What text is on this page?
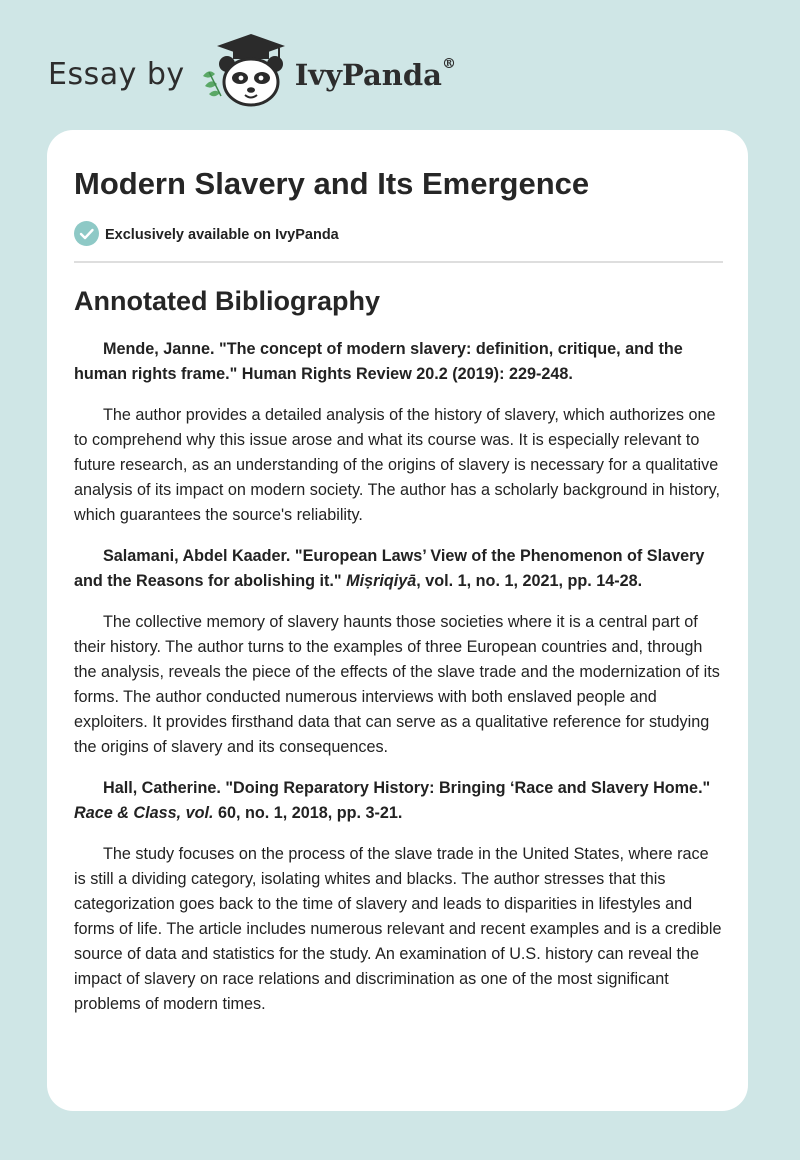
Essay by	IvyPanda®
Modern Slavery and Its Emergence
Exclusively available on IvyPanda
Annotated Bibliography

Mende, Janne. "The concept of modern slavery: definition, critique, and the human rights frame." Human Rights Review 20.2 (2019): 229-248.

The author provides a detailed analysis of the history of slavery, which authorizes one to comprehend why this issue arose and what its course was. It is especially relevant to future research, as an understanding of the origins of slavery is necessary for a qualitative analysis of its impact on modern society. The author has a scholarly background in history, which guarantees the source's reliability.

Salamani, Abdel Kaader. "European Laws’ View of the Phenomenon of Slavery and the Reasons for abolishing it." Miṣriqiyā, vol. 1, no. 1, 2021, pp. 14-28.

The collective memory of slavery haunts those societies where it is a central part of their history. The author turns to the examples of three European countries and, through the analysis, reveals the piece of the effects of the slave trade and the modernization of its forms. The author conducted numerous interviews with both enslaved people and exploiters. It provides firsthand data that can serve as a qualitative reference for studying the origins of slavery and its consequences.

Hall, Catherine. "Doing Reparatory History: Bringing ‘Race and Slavery Home." Race & Class, vol. 60, no. 1, 2018, pp. 3-21.

The study focuses on the process of the slave trade in the United States, where race is still a dividing category, isolating whites and blacks. The author stresses that this categorization goes back to the time of slavery and leads to disparities in lifestyles and forms of life. The article includes numerous relevant and recent examples and is a credible source of data and statistics for the study. An examination of U.S. history can reveal the impact of slavery on race relations and discrimination as one of the most significant problems of modern times.
